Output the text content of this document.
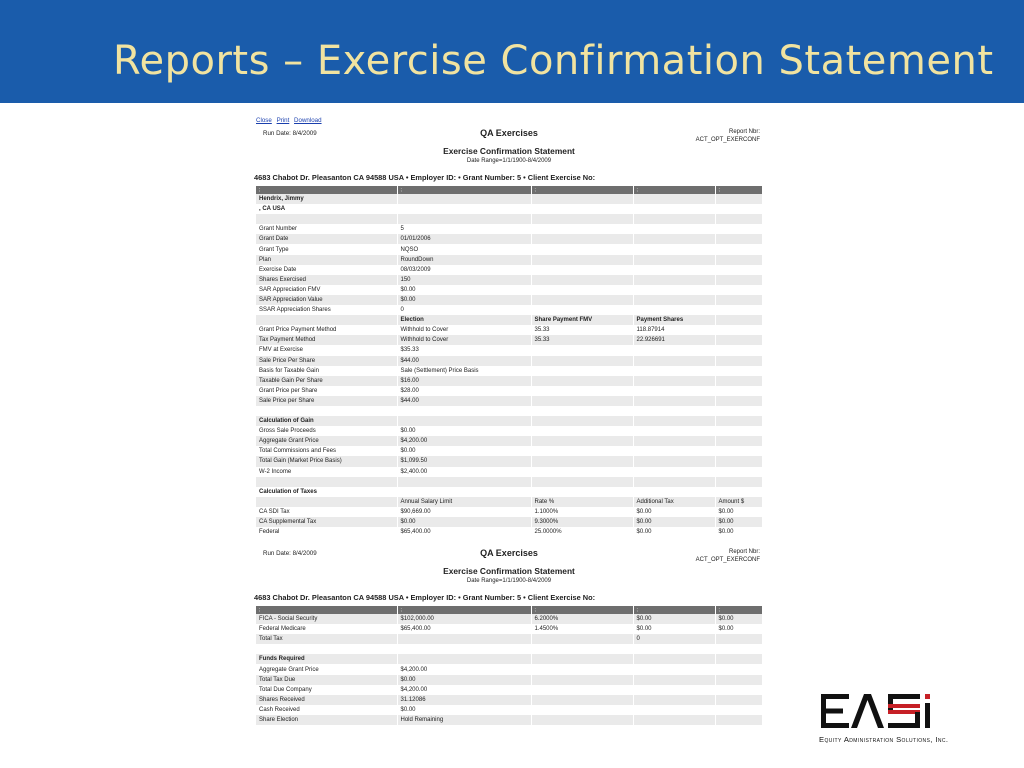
Reports – Exercise Confirmation Statement
Close Print Download
Run Date: 8/4/2009	QA Exercises	Report Nbr:
ACT_OPT_EXERCONF
Exercise Confirmation Statement
Date Range=1/1/1900-8/4/2009
4683 Chabot Dr. Pleasanton CA 94588 USA • Employer ID: • Grant Number: 5 • Client Exercise No:
;	;	;	;	;
Hendrix, Jimmy				
, CA USA				

Grant Number	5			
Grant Date	01/01/2006			
Grant Type	NQSO			
Plan	RoundDown			
Exercise Date	08/03/2009			
Shares Exercised	150			
SAR Appreciation FMV	$0.00			
SAR Appreciation Value	$0.00			
SSAR Appreciation Shares	0			
	Election	Share Payment FMV	Payment Shares	
Grant Price Payment Method	Withhold to Cover	35.33	118.87914	
Tax Payment Method	Withhold to Cover	35.33	22.926691	
FMV at Exercise	$35.33			
Sale Price Per Share	$44.00			
Basis for Taxable Gain	Sale (Settlement) Price Basis			
Taxable Gain Per Share	$16.00			
Grant Price per Share	$28.00			
Sale Price per Share	$44.00			

Calculation of Gain				
Gross Sale Proceeds	$0.00			
Aggregate Grant Price	$4,200.00			
Total Commissions and Fees	$0.00			
Total Gain (Market Price Basis)	$1,099.50			
W-2 Income	$2,400.00			

Calculation of Taxes				
	Annual Salary Limit	Rate %	Additional Tax	Amount $
CA SDI Tax	$90,669.00	1.1000%	$0.00	$0.00
CA Supplemental Tax	$0.00	9.3000%	$0.00	$0.00
Federal	$65,400.00	25.0000%	$0.00	$0.00
Run Date: 8/4/2009	QA Exercises	Report Nbr:
ACT_OPT_EXERCONF
Exercise Confirmation Statement
Date Range=1/1/1900-8/4/2009
4683 Chabot Dr. Pleasanton CA 94588 USA • Employer ID: • Grant Number: 5 • Client Exercise No:
;	;	;	;	;
FICA - Social Security	$102,000.00	6.2000%	$0.00	$0.00
Federal Medicare	$65,400.00	1.4500%	$0.00	$0.00
Total Tax			0	

Funds Required				
Aggregate Grant Price	$4,200.00			
Total Tax Due	$0.00			
Total Due Company	$4,200.00			
Shares Received	31.12086			
Cash Received	$0.00			
Share Election	Hold Remaining			
EASi
Equity Administration Solutions, Inc.
